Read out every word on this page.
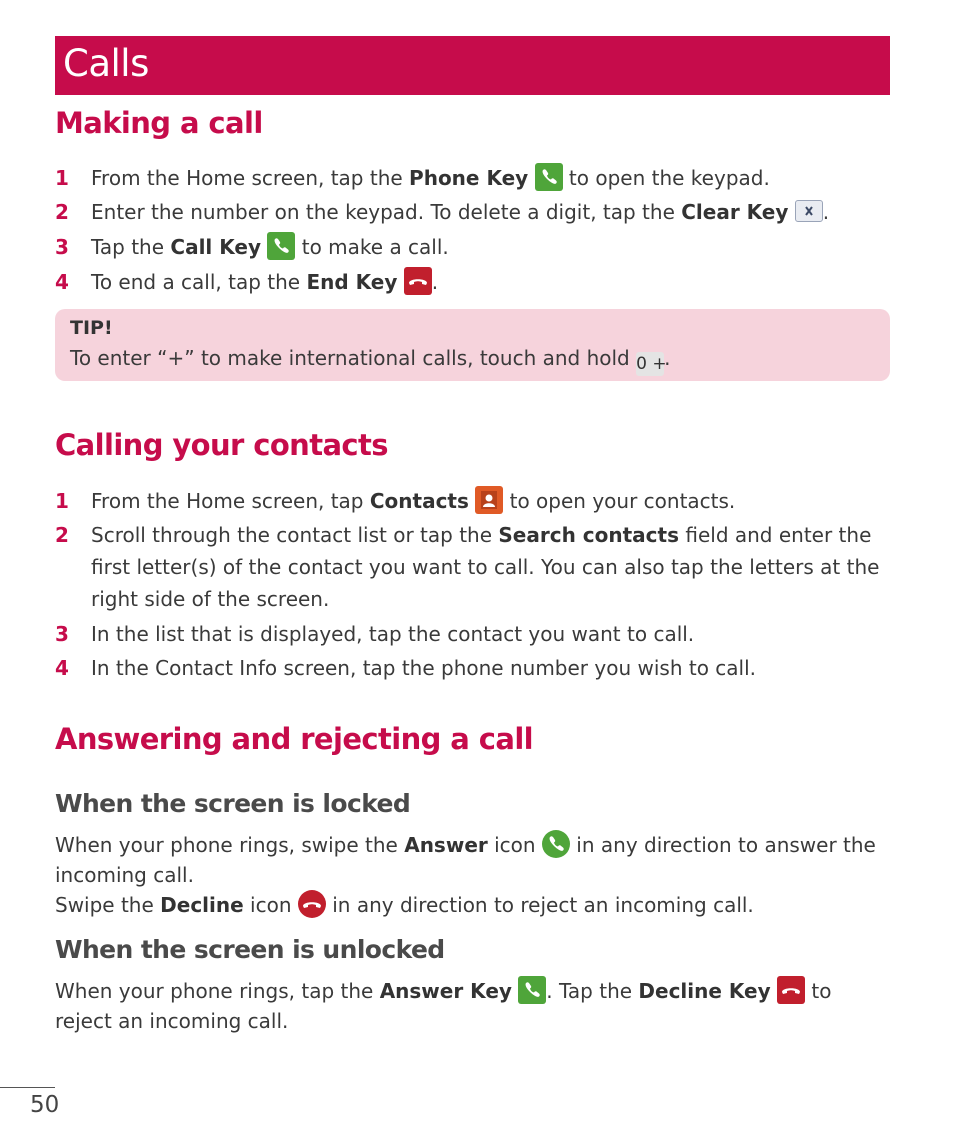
Calls
Making a call
1 From the Home screen, tap the Phone Key
to open the keypad.
2 Enter the number on the keypad. To delete a digit, tap the Clear Key .
3 Tap the Call Key
to make a call.
4 To end a call, tap the End Key .
TIP!
To enter “+” to make international calls, touch and hold 0 +.
Calling your contacts
1 From the Home screen, tap Contacts
to open your contacts.
2 Scroll through the contact list or tap the Search contacts field and enter the first letter(s) of the contact you want to call. You can also tap the letters at the right side of the screen.
3 In the list that is displayed, tap the contact you want to call.
4 In the Contact Info screen, tap the phone number you wish to call.
Answering and rejecting a call
When the screen is locked
When your phone rings, swipe the Answer icon
in any direction to answer the incoming call.
Swipe the Decline icon
in any direction to reject an incoming call.
When the screen is unlocked
When your phone rings, tap the Answer Key . Tap the Decline Key
to reject an incoming call.
50
